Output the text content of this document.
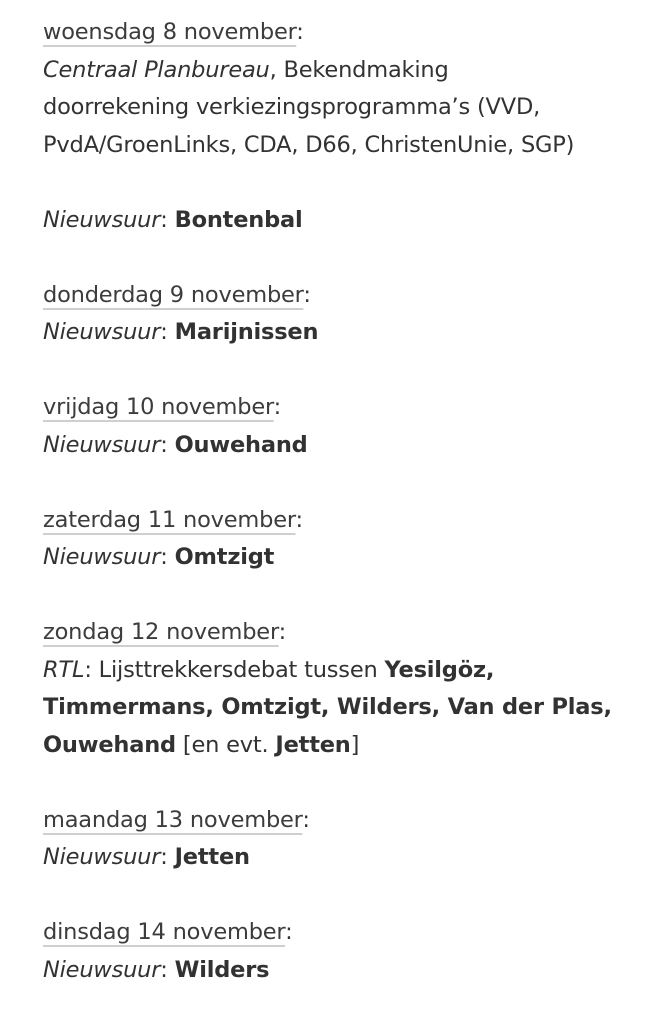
woensdag 8 november:
Centraal Planbureau, Bekendmaking
doorrekening verkiezingsprogramma’s (VVD,
PvdA/GroenLinks, CDA, D66, ChristenUnie, SGP)

Nieuwsuur: Bontenbal
donderdag 9 november:
Nieuwsuur: Marijnissen
vrijdag 10 november:
Nieuwsuur: Ouwehand
zaterdag 11 november:
Nieuwsuur: Omtzigt
zondag 12 november:
RTL: Lijsttrekkersdebat tussen Yesilgöz,
Timmermans, Omtzigt, Wilders, Van der Plas,
Ouwehand [en evt. Jetten]
maandag 13 november:
Nieuwsuur: Jetten
dinsdag 14 november:
Nieuwsuur: Wilders
